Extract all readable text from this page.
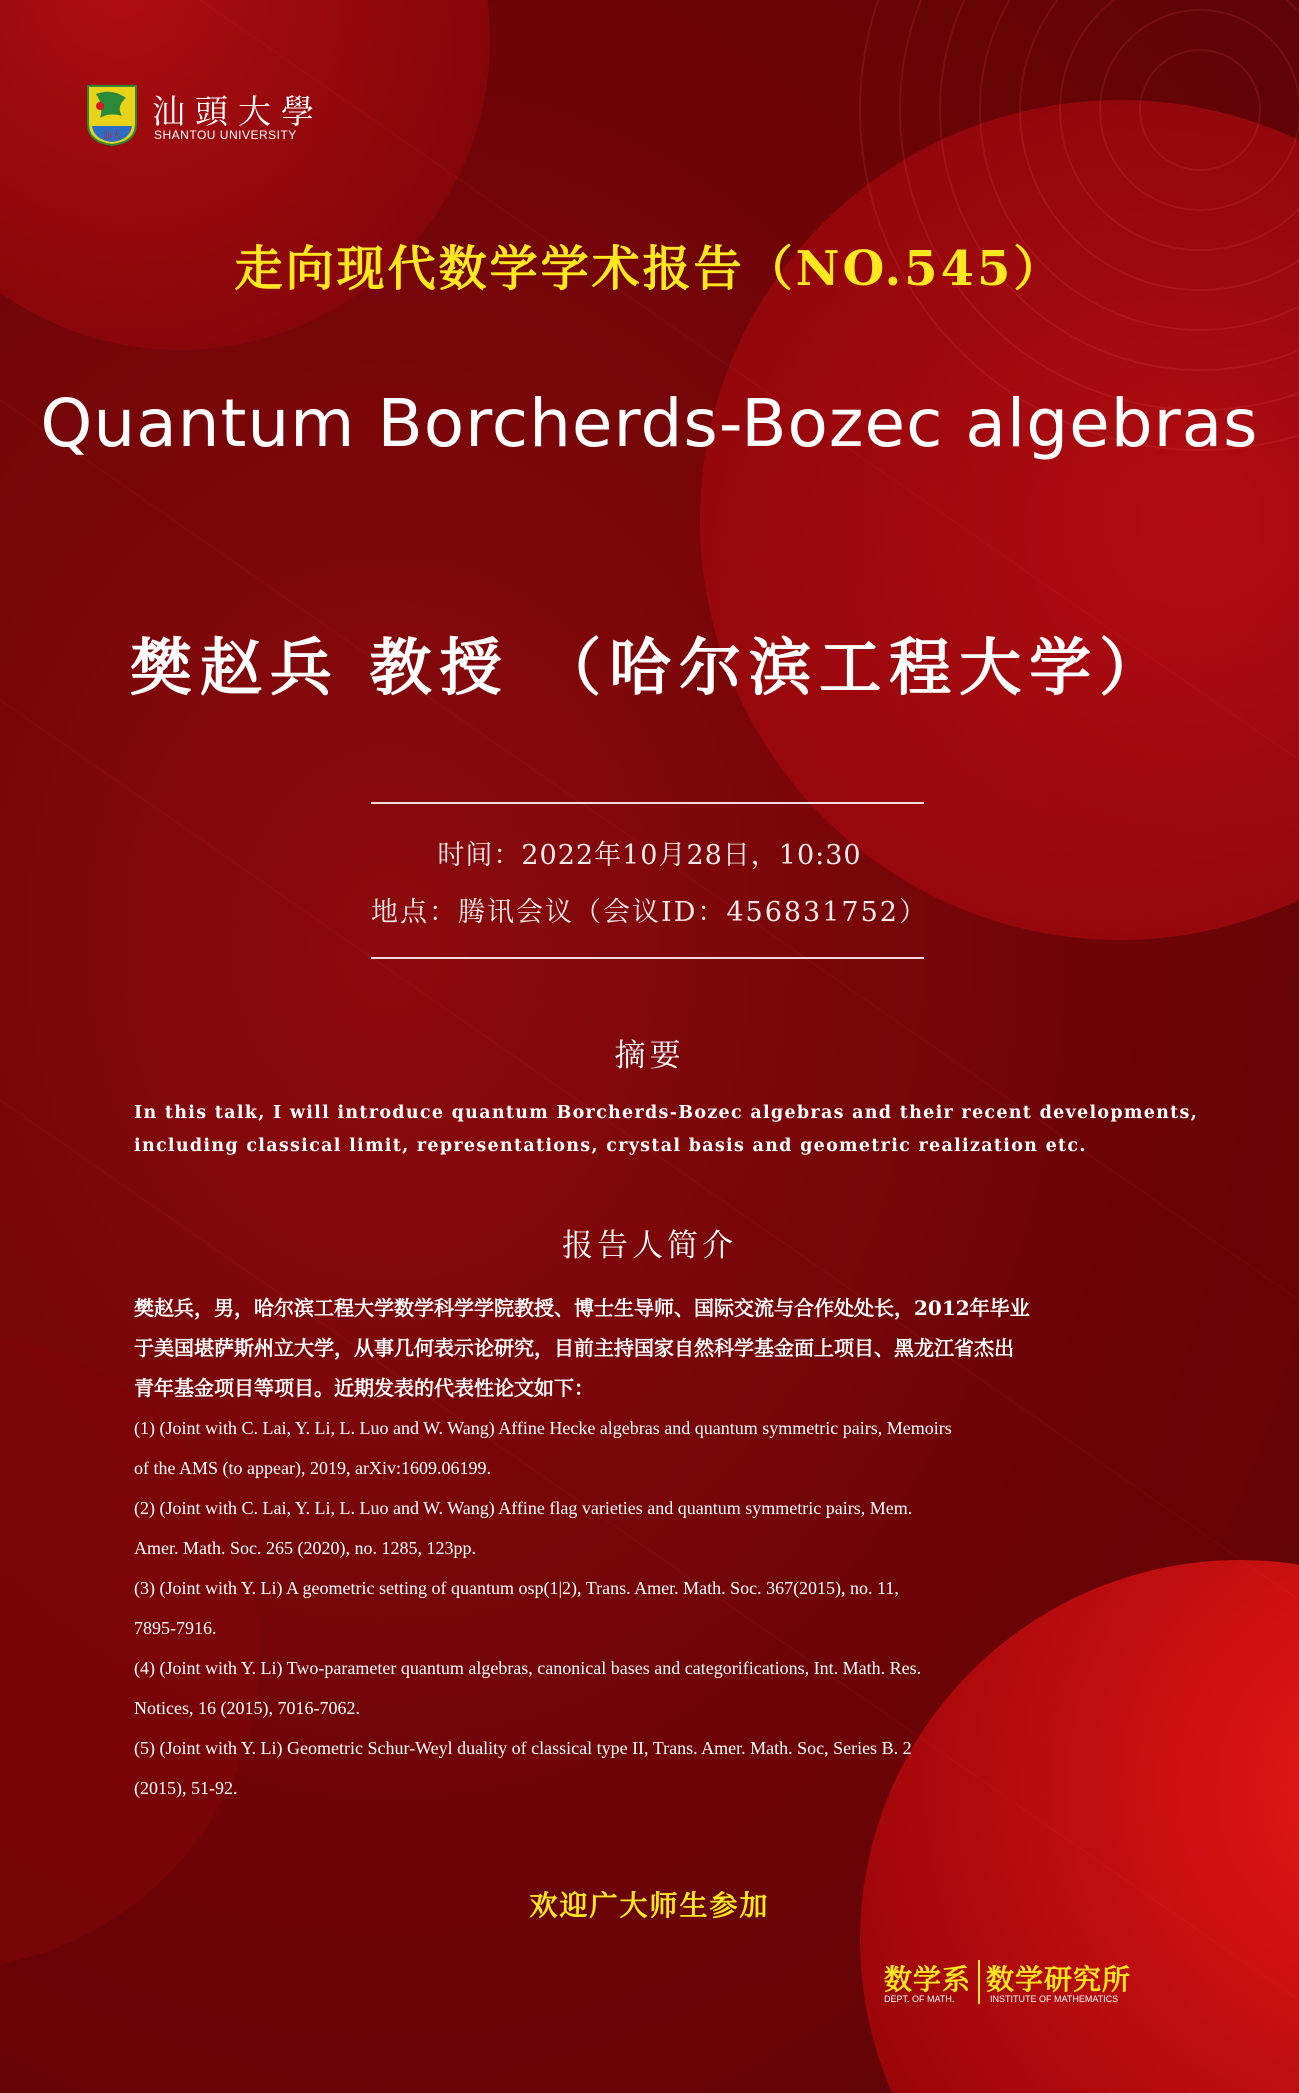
汕大
汕頭大學
SHANTOU UNIVERSITY
走向现代数学学术报告（NO.545）
Quantum Borcherds-Bozec algebras
樊赵兵 教授 （哈尔滨工程大学）
时间：2022年10月28日，10:30
地点：腾讯会议（会议ID：456831752）
摘要
In this talk, I will introduce quantum Borcherds-Bozec algebras and their recent developments,
including classical limit, representations, crystal basis and geometric realization etc.
报告人简介
樊赵兵，男，哈尔滨工程大学数学科学学院教授、博士生导师、国际交流与合作处处长，2012年毕业
于美国堪萨斯州立大学，从事几何表示论研究，目前主持国家自然科学基金面上项目、黑龙江省杰出
青年基金项目等项目。近期发表的代表性论文如下：
(1) (Joint with C. Lai, Y. Li, L. Luo and W. Wang) Affine Hecke algebras and quantum symmetric pairs, Memoirs
of the AMS (to appear), 2019, arXiv:1609.06199.
(2) (Joint with C. Lai, Y. Li, L. Luo and W. Wang) Affine flag varieties and quantum symmetric pairs, Mem.
Amer. Math. Soc. 265 (2020), no. 1285, 123pp.
(3) (Joint with Y. Li) A geometric setting of quantum osp(1|2), Trans. Amer. Math. Soc. 367(2015), no. 11,
7895-7916.
(4) (Joint with Y. Li) Two-parameter quantum algebras, canonical bases and categorifications, Int. Math. Res.
Notices, 16 (2015), 7016-7062.
(5) (Joint with Y. Li) Geometric Schur-Weyl duality of classical type II, Trans. Amer. Math. Soc, Series B. 2
(2015), 51-92.
欢迎广大师生参加
数学系 数学研究所
DEPT. OF MATH.	INSTITUTE OF MATHEMATICS
